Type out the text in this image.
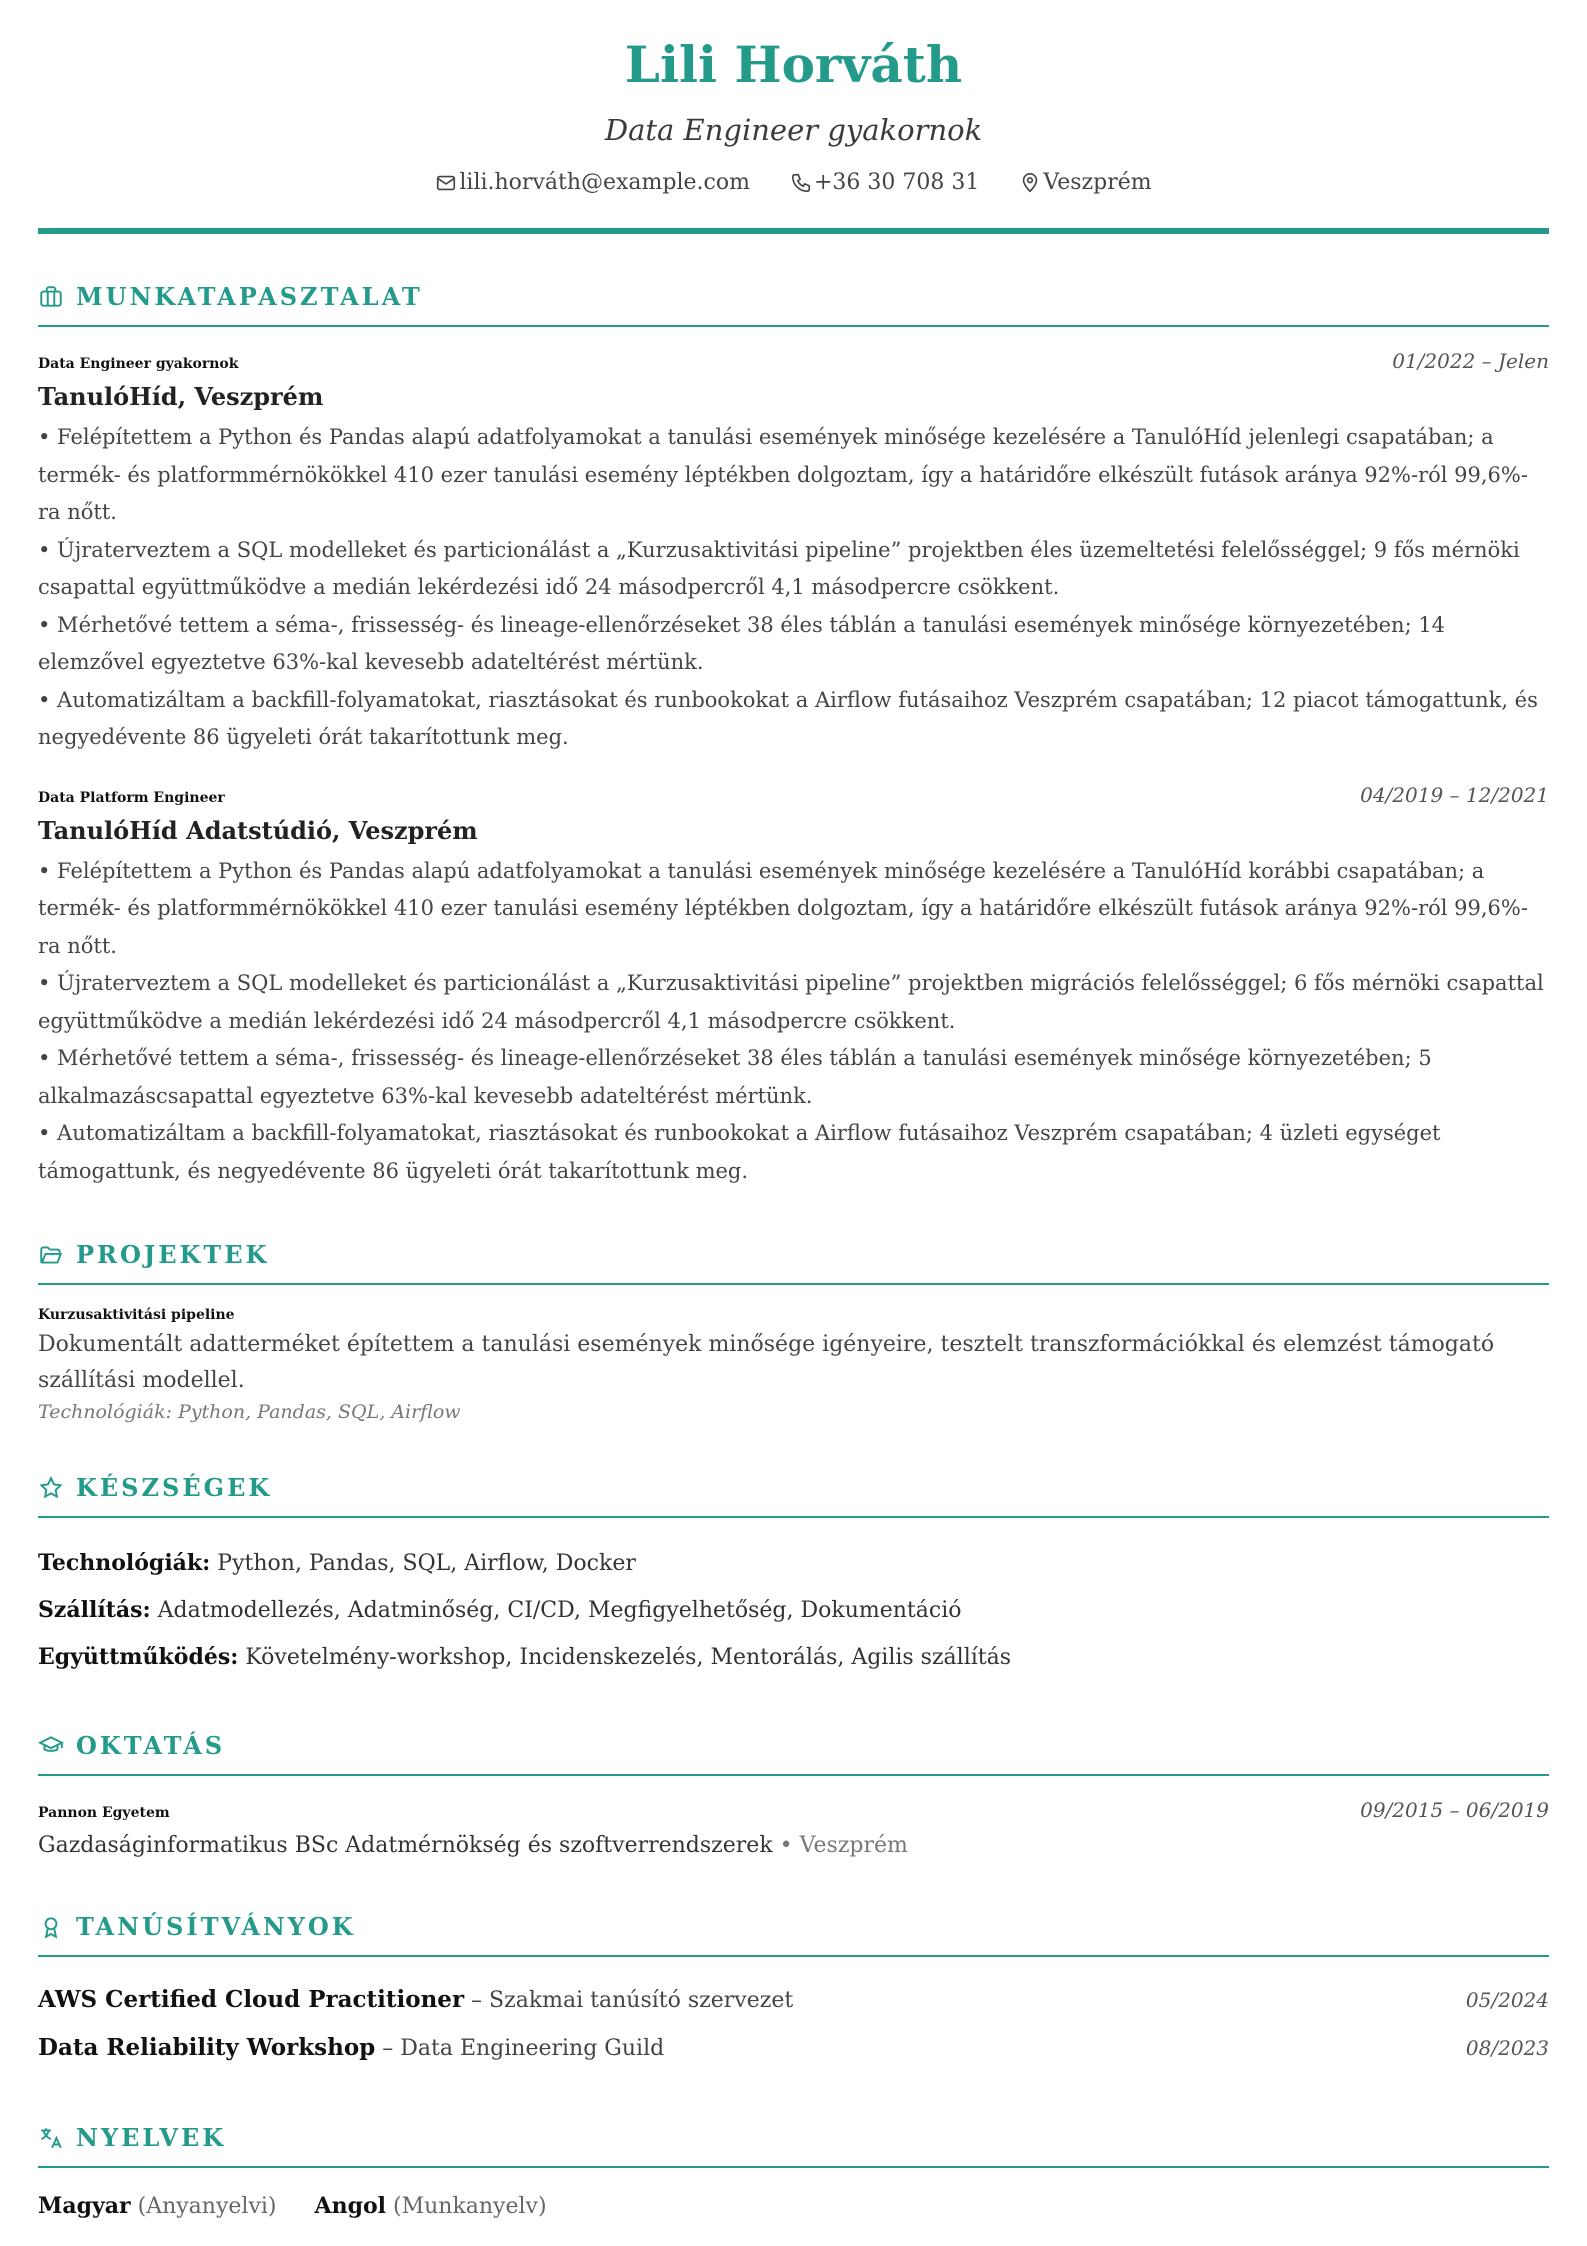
Lili Horváth
Data Engineer gyakornok
lili.horváth@example.com	+36 30 708 31	Veszprém
MUNKATAPASZTALAT
Data Engineer gyakornok	01/2022 – Jelen
TanulóHíd, Veszprém
• Felépítettem a Python és Pandas alapú adatfolyamokat a tanulási események minősége kezelésére a TanulóHíd jelenlegi csapatában; a termék- és platformmérnökökkel 410 ezer tanulási esemény léptékben dolgoztam, így a határidőre elkészült futások aránya 92%-ról 99,6%-ra nőtt.
• Újraterveztem a SQL modelleket és particionálást a „Kurzusaktivitási pipeline” projektben éles üzemeltetési felelősséggel; 9 fős mérnöki csapattal együttműködve a medián lekérdezési idő 24 másodpercről 4,1 másodpercre csökkent.
• Mérhetővé tettem a séma-, frissesség- és lineage-ellenőrzéseket 38 éles táblán a tanulási események minősége környezetében; 14 elemzővel egyeztetve 63%-kal kevesebb adateltérést mértünk.
• Automatizáltam a backfill-folyamatokat, riasztásokat és runbookokat a Airflow futásaihoz Veszprém csapatában; 12 piacot támogattunk, és negyedévente 86 ügyeleti órát takarítottunk meg.
Data Platform Engineer	04/2019 – 12/2021
TanulóHíd Adatstúdió, Veszprém
• Felépítettem a Python és Pandas alapú adatfolyamokat a tanulási események minősége kezelésére a TanulóHíd korábbi csapatában; a termék- és platformmérnökökkel 410 ezer tanulási esemény léptékben dolgoztam, így a határidőre elkészült futások aránya 92%-ról 99,6%-ra nőtt.
• Újraterveztem a SQL modelleket és particionálást a „Kurzusaktivitási pipeline” projektben migrációs felelősséggel; 6 fős mérnöki csapattal együttműködve a medián lekérdezési idő 24 másodpercről 4,1 másodpercre csökkent.
• Mérhetővé tettem a séma-, frissesség- és lineage-ellenőrzéseket 38 éles táblán a tanulási események minősége környezetében; 5 alkalmazáscsapattal egyeztetve 63%-kal kevesebb adateltérést mértünk.
• Automatizáltam a backfill-folyamatokat, riasztásokat és runbookokat a Airflow futásaihoz Veszprém csapatában; 4 üzleti egységet támogattunk, és negyedévente 86 ügyeleti órát takarítottunk meg.
PROJEKTEK
Kurzusaktivitási pipeline
Dokumentált adatterméket építettem a tanulási események minősége igényeire, tesztelt transzformációkkal és elemzést támogató szállítási modellel.
Technológiák: Python, Pandas, SQL, Airflow
KÉSZSÉGEK
Technológiák: Python, Pandas, SQL, Airflow, Docker
Szállítás: Adatmodellezés, Adatminőség, CI/CD, Megfigyelhetőség, Dokumentáció
Együttműködés: Követelmény-workshop, Incidenskezelés, Mentorálás, Agilis szállítás
OKTATÁS
Pannon Egyetem	09/2015 – 06/2019
Gazdaságinformatikus BSc Adatmérnökség és szoftverrendszerek • Veszprém
TANÚSÍTVÁNYOK
AWS Certified Cloud Practitioner – Szakmai tanúsító szervezet	05/2024
Data Reliability Workshop – Data Engineering Guild	08/2023
NYELVEK
Magyar (Anyanyelvi) Angol (Munkanyelv)
